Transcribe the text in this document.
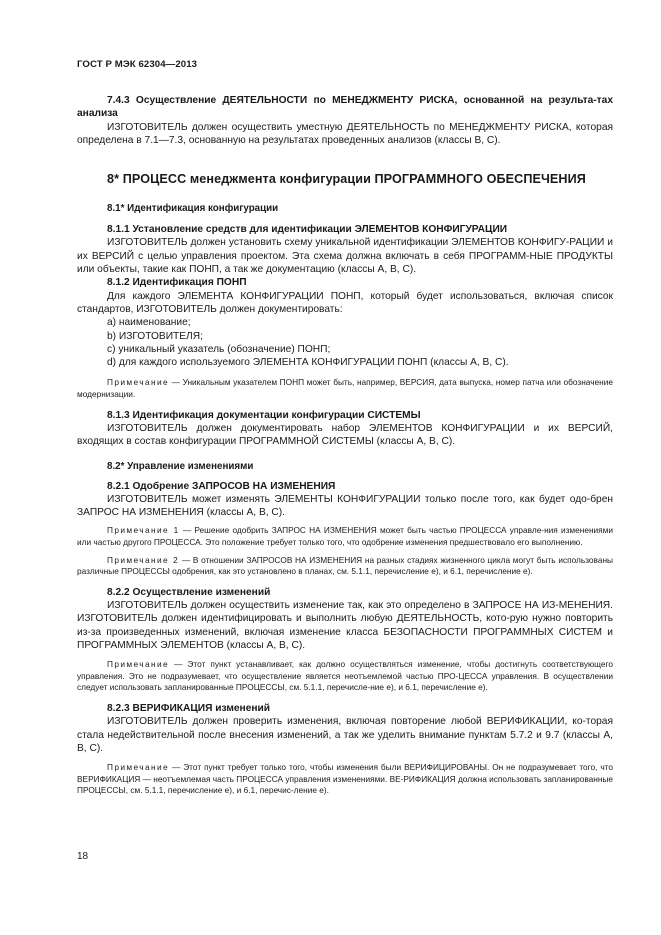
ГОСТ Р МЭК 62304—2013

7.4.3 Осуществление ДЕЯТЕЛЬНОСТИ по МЕНЕДЖМЕНТУ РИСКА, основанной на результа-тах анализа

ИЗГОТОВИТЕЛЬ должен осуществить уместную ДЕЯТЕЛЬНОСТЬ по МЕНЕДЖМЕНТУ РИСКА, которая определена в 7.1—7.3, основанную на результатах проведенных анализов (классы B, C).

8* ПРОЦЕСС менеджмента конфигурации ПРОГРАММНОГО ОБЕСПЕЧЕНИЯ
8.1* Идентификация конфигурации

8.1.1 Установление средств для идентификации ЭЛЕМЕНТОВ КОНФИГУРАЦИИ

ИЗГОТОВИТЕЛЬ должен установить схему уникальной идентификации ЭЛЕМЕНТОВ КОНФИГУ-РАЦИИ и их ВЕРСИЙ с целью управления проектом. Эта схема должна включать в себя ПРОГРАММ-НЫЕ ПРОДУКТЫ или объекты, такие как ПОНП, а так же документацию (классы A, B, C).

8.1.2 Идентификация ПОНП

Для каждого ЭЛЕМЕНТА КОНФИГУРАЦИИ ПОНП, который будет использоваться, включая список стандартов, ИЗГОТОВИТЕЛЬ должен документировать:

a) наименование;
b) ИЗГОТОВИТЕЛЯ;
c) уникальный указатель (обозначение) ПОНП;
d) для каждого используемого ЭЛЕМЕНТА КОНФИГУРАЦИИ ПОНП (классы A, B, C).

Примечание — Уникальным указателем ПОНП может быть, например, ВЕРСИЯ, дата выпуска, номер патча или обозначение модернизации.

8.1.3 Идентификация документации конфигурации СИСТЕМЫ

ИЗГОТОВИТЕЛЬ должен документировать набор ЭЛЕМЕНТОВ КОНФИГУРАЦИИ и их ВЕРСИЙ, входящих в состав конфигурации ПРОГРАММНОЙ СИСТЕМЫ (классы A, B, C).

8.2* Управление изменениями

8.2.1 Одобрение ЗАПРОСОВ НА ИЗМЕНЕНИЯ

ИЗГОТОВИТЕЛЬ может изменять ЭЛЕМЕНТЫ КОНФИГУРАЦИИ только после того, как будет одо-брен ЗАПРОС НА ИЗМЕНЕНИЯ (классы A, B, C).

Примечание 1 — Решение одобрить ЗАПРОС НА ИЗМЕНЕНИЯ может быть частью ПРОЦЕССА управле-ния изменениями или частью другого ПРОЦЕССА. Это положение требует только того, что одобрение изменения предшествовало его выполнению.

Примечание 2 — В отношении ЗАПРОСОВ НА ИЗМЕНЕНИЯ на разных стадиях жизненного цикла могут быть использованы различные ПРОЦЕССЫ одобрения, как это установлено в планах, см. 5.1.1, перечисление e), и 6.1, перечисление e).

8.2.2 Осуществление изменений

ИЗГОТОВИТЕЛЬ должен осуществить изменение так, как это определено в ЗАПРОСЕ НА ИЗ-МЕНЕНИЯ. ИЗГОТОВИТЕЛЬ должен идентифицировать и выполнить любую ДЕЯТЕЛЬНОСТЬ, кото-рую нужно повторить из-за произведенных изменений, включая изменение класса БЕЗОПАСНОСТИ ПРОГРАММНЫХ СИСТЕМ и ПРОГРАММНЫХ ЭЛЕМЕНТОВ (классы A, B, C).

Примечание — Этот пункт устанавливает, как должно осуществляться изменение, чтобы достигнуть соответствующего управления. Это не подразумевает, что осуществление является неотъемлемой частью ПРО-ЦЕССА управления. В осуществлении следует использовать запланированные ПРОЦЕССЫ, см. 5.1.1, перечисле-ние e), и 6.1, перечисление e).

8.2.3 ВЕРИФИКАЦИЯ изменений

ИЗГОТОВИТЕЛЬ должен проверить изменения, включая повторение любой ВЕРИФИКАЦИИ, ко-торая стала недействительной после внесения изменений, а так же уделить внимание пунктам 5.7.2 и 9.7 (классы A, B, C).

Примечание — Этот пункт требует только того, чтобы изменения были ВЕРИФИЦИРОВАНЫ. Он не подразумевает того, что ВЕРИФИКАЦИЯ — неотъемлемая часть ПРОЦЕССА управления изменениями. ВЕ-РИФИКАЦИЯ должна использовать запланированные ПРОЦЕССЫ, см. 5.1.1, перечисление e), и 6.1, перечис-ление e).

18
